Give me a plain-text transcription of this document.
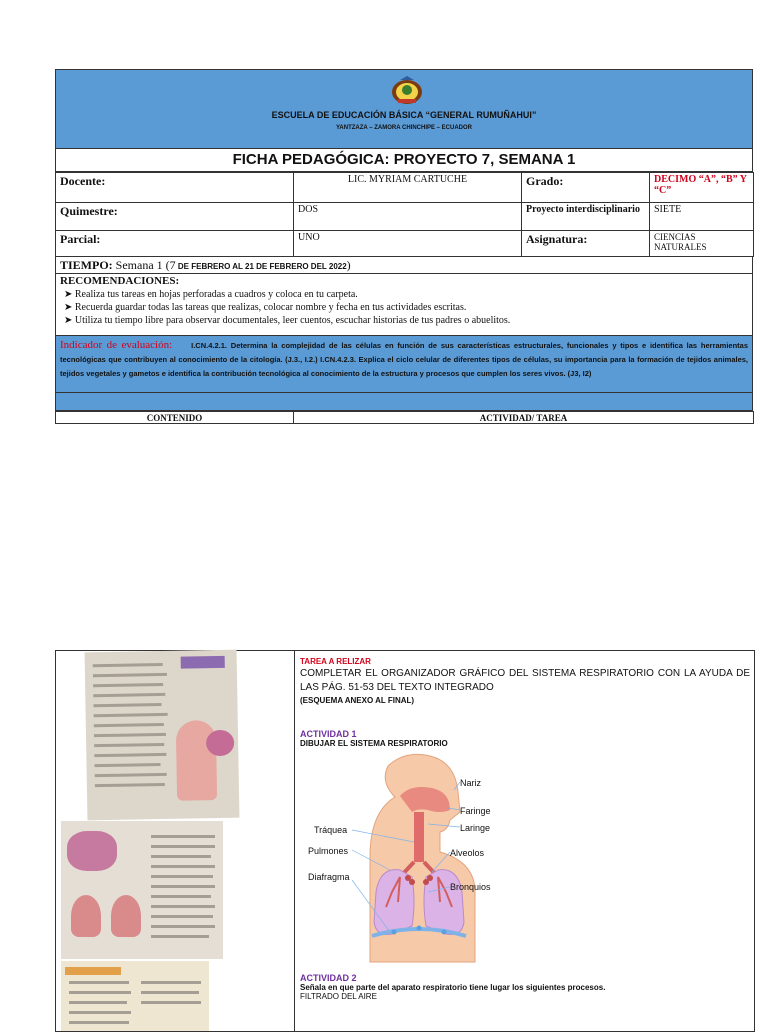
ESCUELA DE EDUCACIÓN BÁSICA “GENERAL RUMUÑAHUI”
YANTZAZA – ZAMORA CHINCHIPE – ECUADOR
FICHA PEDAGÓGICA: PROYECTO 7, SEMANA 1
Docente:	LIC. MYRIAM CARTUCHE	Grado:	DECIMO “A”, “B” Y “C”
Quimestre:	DOS	Proyecto interdisciplinario	SIETE
Parcial:	UNO	Asignatura:	CIENCIAS NATURALES
TIEMPO: Semana 1 (7 DE FEBRERO AL 21 DE FEBRERO DEL 2022)
RECOMENDACIONES:
➤ Realiza tus tareas en hojas perforadas a cuadros y coloca en tu carpeta.
➤ Recuerda guardar todas las tareas que realizas, colocar nombre y fecha en tus actividades escritas.
➤ Utiliza tu tiempo libre para observar documentales, leer cuentos, escuchar historias de tus padres o abuelitos.
Indicador de evaluación:	I.CN.4.2.1. Determina la complejidad de las células en función de sus características estructurales, funcionales y tipos e identifica las herramientas tecnológicas que contribuyen al conocimiento de la citología. (J.3., I.2.) I.CN.4.2.3. Explica el ciclo celular de diferentes tipos de células, su importancia para la formación de tejidos animales, tejidos vegetales y gametos e identifica la contribución tecnológica al conocimiento de la estructura y procesos que cumplen los seres vivos. (J3, I2)
CONTENIDO	ACTIVIDAD/ TAREA
TAREA A RELIZAR
COMPLETAR EL ORGANIZADOR GRÁFICO DEL SISTEMA RESPIRATORIO CON LA AYUDA DE LAS PÁG. 51-53 DEL TEXTO INTEGRADO
(ESQUEMA ANEXO AL FINAL)
ACTIVIDAD 1
DIBUJAR EL SISTEMA RESPIRATORIO
Nariz
Faringe
Laringe
Tráquea
Pulmones	Alveolos
Diafragma
Bronquios
ACTIVIDAD 2
Señala en que parte del aparato respiratorio tiene lugar los siguientes procesos.
FILTRADO DEL AIRE
